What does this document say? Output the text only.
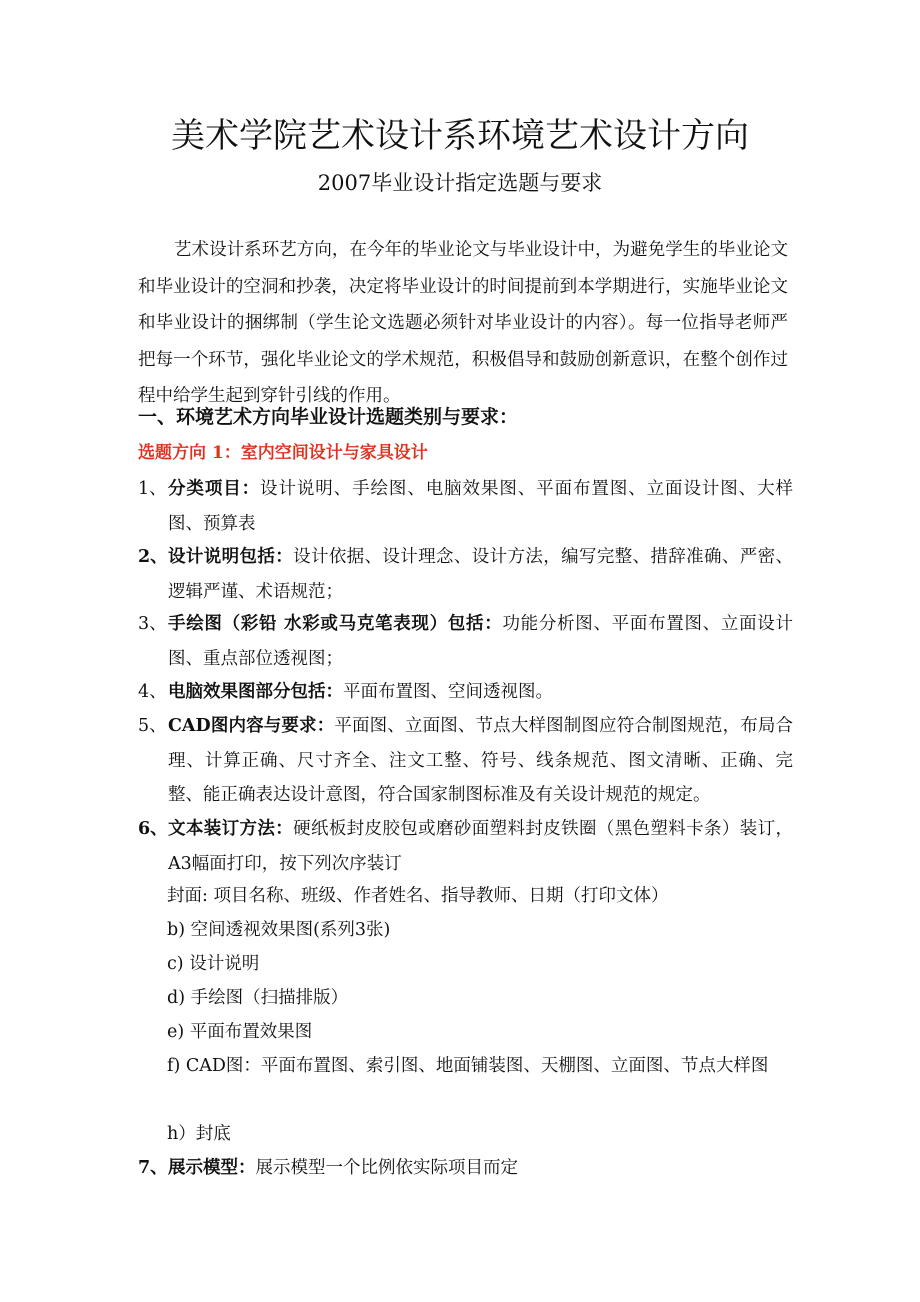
美术学院艺术设计系环境艺术设计方向
2007毕业设计指定选题与要求
艺术设计系环艺方向，在今年的毕业论文与毕业设计中，为避免学生的毕业论文和毕业设计的空洞和抄袭，决定将毕业设计的时间提前到本学期进行，实施毕业论文和毕业设计的捆绑制（学生论文选题必须针对毕业设计的内容）。每一位指导老师严把每一个环节，强化毕业论文的学术规范，积极倡导和鼓励创新意识，在整个创作过程中给学生起到穿针引线的作用。
一、环境艺术方向毕业设计选题类别与要求：
选题方向 1：室内空间设计与家具设计
1、 分类项目：设计说明、手绘图、电脑效果图、平面布置图、立面设计图、大样图、预算表
2、 设计说明包括：设计依据、设计理念、设计方法，编写完整、措辞准确、严密、逻辑严谨、术语规范；
3、 手绘图（彩铅 水彩或马克笔表现）包括：功能分析图、平面布置图、立面设计图、重点部位透视图；
4、 电脑效果图部分包括：平面布置图、空间透视图。
5、 CAD图内容与要求：平面图、立面图、节点大样图制图应符合制图规范，布局合理、计算正确、尺寸齐全、注文工整、符号、线条规范、图文清晰、正确、完整、能正确表达设计意图，符合国家制图标准及有关设计规范的规定。
6、 文本装订方法：硬纸板封皮胶包或磨砂面塑料封皮铁圈（黑色塑料卡条）装订，A3幅面打印，按下列次序装订
封面: 项目名称、班级、作者姓名、指导教师、日期（打印文体）
b) 空间透视效果图(系列3张)
c) 设计说明
d) 手绘图（扫描排版）
e) 平面布置效果图
f) CAD图：平面布置图、索引图、地面铺装图、天棚图、立面图、节点大样图
h）封底
7、 展示模型：展示模型一个比例依实际项目而定
